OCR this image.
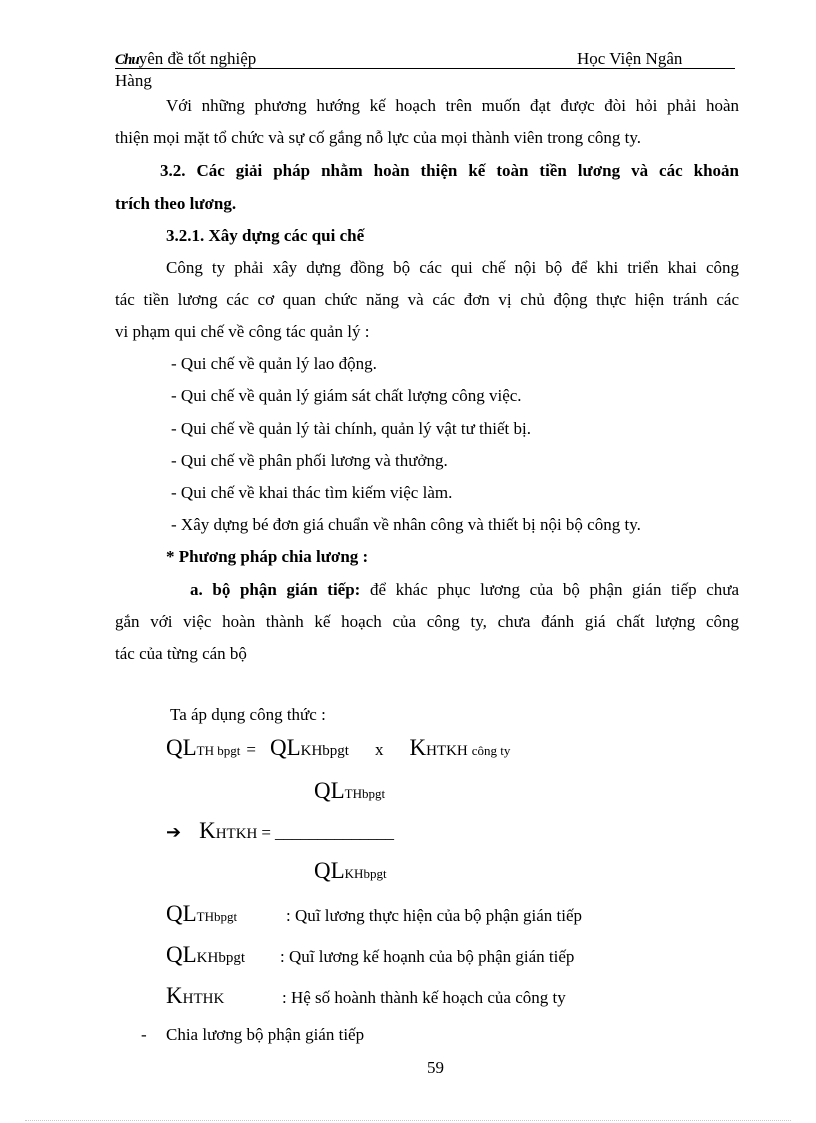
Chuyên đề tốt nghiệp	Học Viện Ngân
Hàng
Với những phương hướng kế hoạch trên muốn đạt được đòi hỏi phải hoàn
thiện mọi mặt tổ chức và sự cố gắng nỗ lực của mọi thành viên trong công ty.
3.2. Các giải pháp nhằm hoàn thiện kế toàn tiền lương và các khoản
trích theo lương.
3.2.1. Xây dựng các qui chế
Công ty phải xây dựng đồng bộ các qui chế nội bộ để khi triển khai công
tác tiền lương các cơ quan chức năng và các đơn vị chủ động thực hiện tránh các
vi phạm qui chế về công tác quản lý :
- Qui chế về quản lý lao động.
- Qui chế về quản lý giám sát chất lượng công việc.
- Qui chế về quản lý tài chính, quản lý vật tư thiết bị.
- Qui chế về phân phối lương và thưởng.
- Qui chế về khai thác tìm kiếm việc làm.
- Xây dựng bé đơn giá chuẩn về nhân công và thiết bị nội bộ công ty.
* Phương pháp chia lương :
a. bộ phận gián tiếp: để khác phục lương của bộ phận gián tiếp chưa
gắn với việc hoàn thành kế hoạch của công ty, chưa đánh giá chất lượng công
tác của từng cán bộ
Ta áp dụng công thức :
QLTH bpgt = QLKHbpgt x KHTKH công ty
QLTHbpgt
➔ KHTKH = ______________
QLKHbpgt
QLTHbpgt	: Quĩ lương thực hiện của bộ phận gián tiếp
QLKHbpgt : Quĩ lương kế hoạnh của bộ phận gián tiếp
KHTHK	: Hệ số hoành thành kế hoạch của công ty
- Chia lương bộ phận gián tiếp
59
